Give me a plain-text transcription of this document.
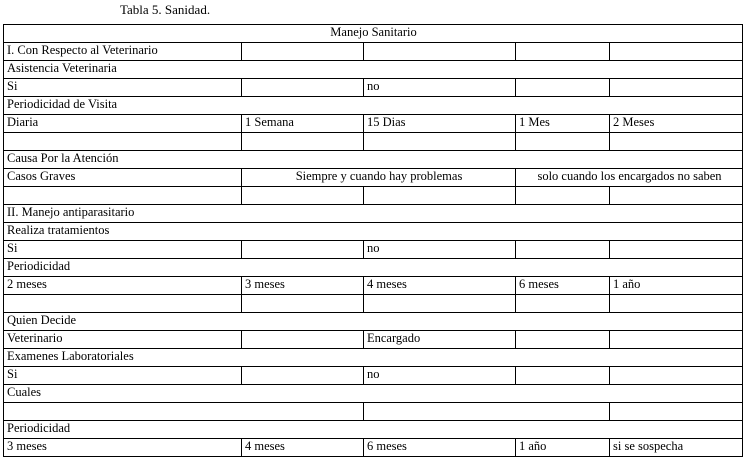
Tabla 5. Sanidad.
Manejo Sanitario				
I. Con Respecto al Veterinario				
Asistencia Veterinaria				
Si		no		
Periodicidad de Visita				
Diaria	1 Semana	15 Dias	1 Mes	2 Meses

Causa Por la Atención				
Casos Graves	Siempre y cuando hay problemas		solo cuando los encargados no saben	

II. Manejo antiparasitario				
Realiza tratamientos				
Si		no		
Periodicidad				
2 meses	3 meses	4 meses	6 meses	1 año

Quien Decide				
Veterinario		Encargado		
Examenes Laboratoriales				
Si		no		
Cuales				

Periodicidad				
3 meses	4 meses	6 meses	1 año	si se sospecha
